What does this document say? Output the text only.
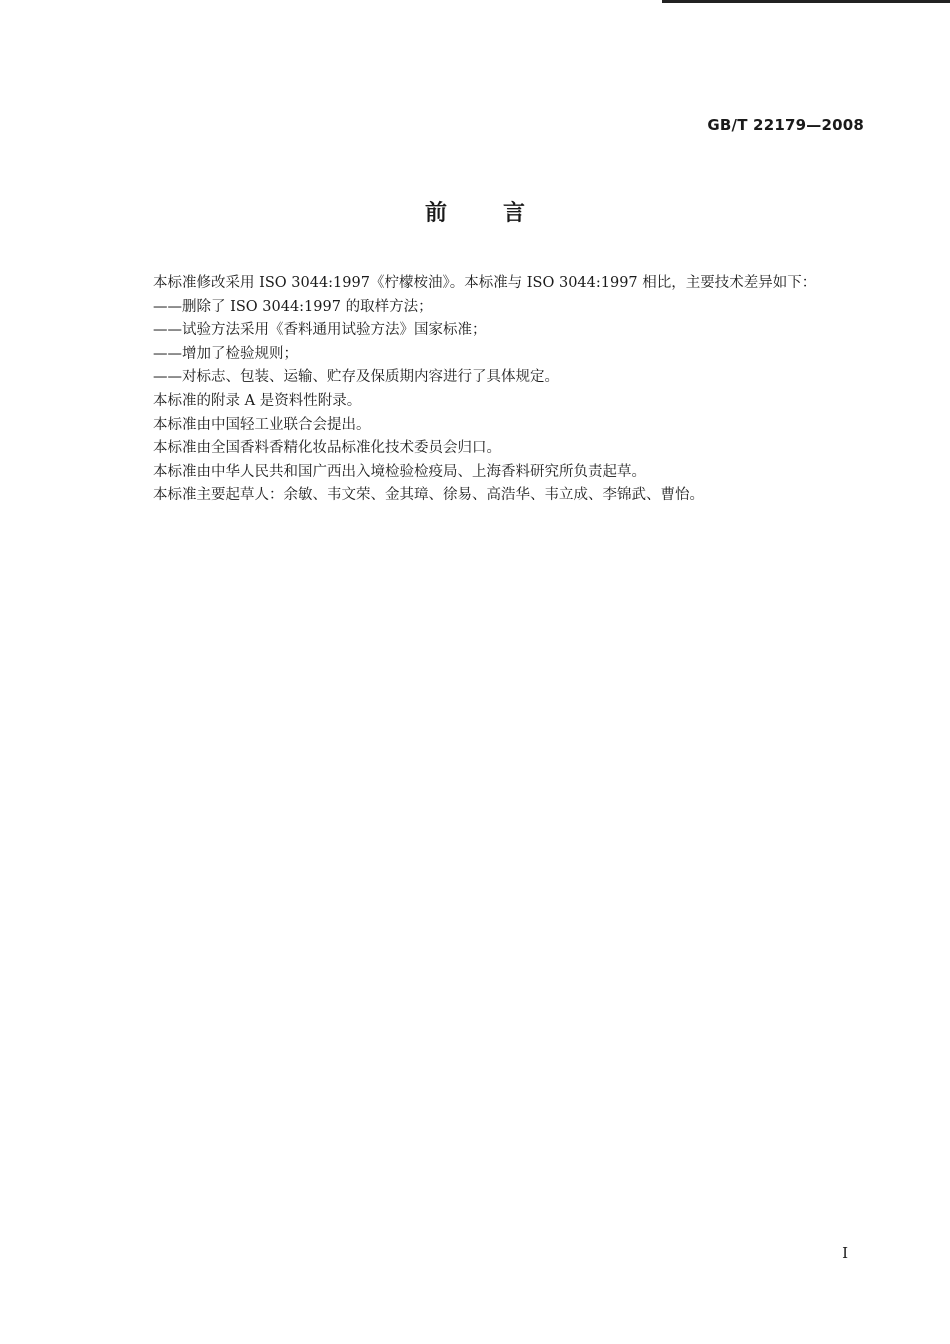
GB/T 22179—2008
前言
本标准修改采用 ISO 3044:1997《柠檬桉油》。本标准与 ISO 3044:1997 相比，主要技术差异如下：
——删除了 ISO 3044:1997 的取样方法；
——试验方法采用《香料通用试验方法》国家标准；
——增加了检验规则；
——对标志、包装、运输、贮存及保质期内容进行了具体规定。
本标准的附录 A 是资料性附录。
本标准由中国轻工业联合会提出。
本标准由全国香料香精化妆品标准化技术委员会归口。
本标准由中华人民共和国广西出入境检验检疫局、上海香料研究所负责起草。
本标准主要起草人：余敏、韦文荣、金其璋、徐易、高浩华、韦立成、李锦武、曹怡。
I
